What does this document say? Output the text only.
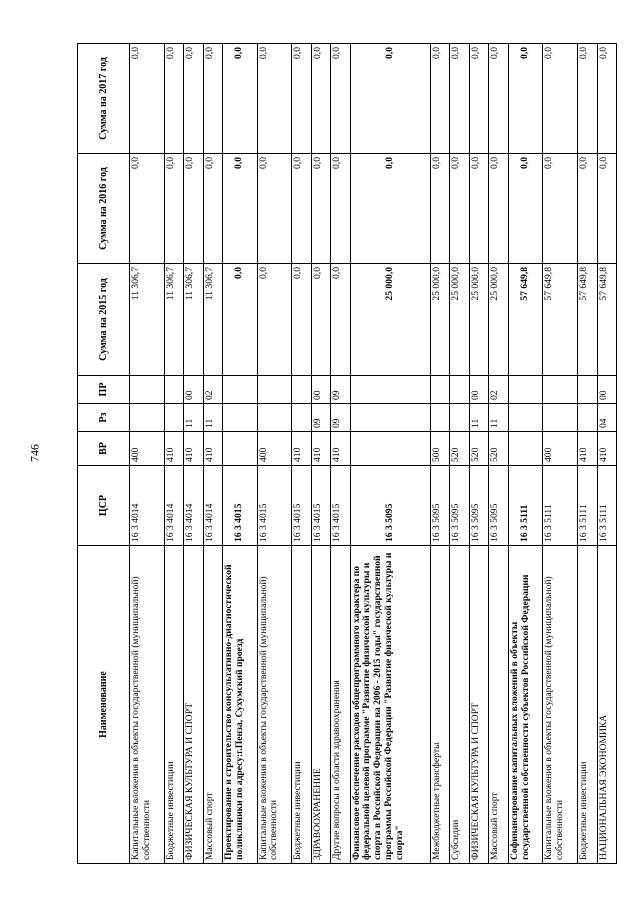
746
Наименование	ЦСР	ВР	Рз	ПР	Сумма на 2015 год	Сумма на 2016 год	Сумма на 2017 год
Капитальные вложения в объекты государственной (муниципальной) собственности	16 3 4014	400			11 306,7	0,0	0,0
Бюджетные инвестиции	16 3 4014	410			11 306,7	0,0	0,0
ФИЗИЧЕСКАЯ КУЛЬТУРА И СПОРТ	16 3 4014	410	11	00	11 306,7	0,0	0,0
Массовый спорт	16 3 4014	410	11	02	11 306,7	0,0	0,0
Проектирование и строительство консультативно-диагностической поликлиники по адресу:г.Пенза, Сухумский проезд	16 3 4015				0,0	0,0	0,0
Капитальные вложения в объекты государственной (муниципальной) собственности	16 3 4015	400			0,0	0,0	0,0
Бюджетные инвестиции	16 3 4015	410			0,0	0,0	0,0
ЗДРАВООХРАНЕНИЕ	16 3 4015	410	09	00	0,0	0,0	0,0
Другие вопросы в области здравоохранения	16 3 4015	410	09	09	0,0	0,0	0,0
Финансовое обеспечение расходов общепрограммного характера по федеральной целевой программе "Развитие физической культуры и спорта в Российской Федерации на 2006 - 2015 годы" государственной программы Российской Федерации "Развитие физической культуры и спорта"	16 3 5095				25 000,0	0,0	0,0
Межбюджетные трансферты	16 3 5095	500			25 000,0	0,0	0,0
Субсидии	16 3 5095	520			25 000,0	0,0	0,0
ФИЗИЧЕСКАЯ КУЛЬТУРА И СПОРТ	16 3 5095	520	11	00	25 000,0	0,0	0,0
Массовый спорт	16 3 5095	520	11	02	25 000,0	0,0	0,0
Софинансирование капитальных вложений в объекты государственной собственности субъектов Российской Федерации	16 3 5111				57 649,8	0,0	0,0
Капитальные вложения в объекты государственной (муниципальной) собственности	16 3 5111	400			57 649,8	0,0	0,0
Бюджетные инвестиции	16 3 5111	410			57 649,8	0,0	0,0
НАЦИОНАЛЬНАЯ ЭКОНОМИКА	16 3 5111	410	04	00	57 649,8	0,0	0,0
